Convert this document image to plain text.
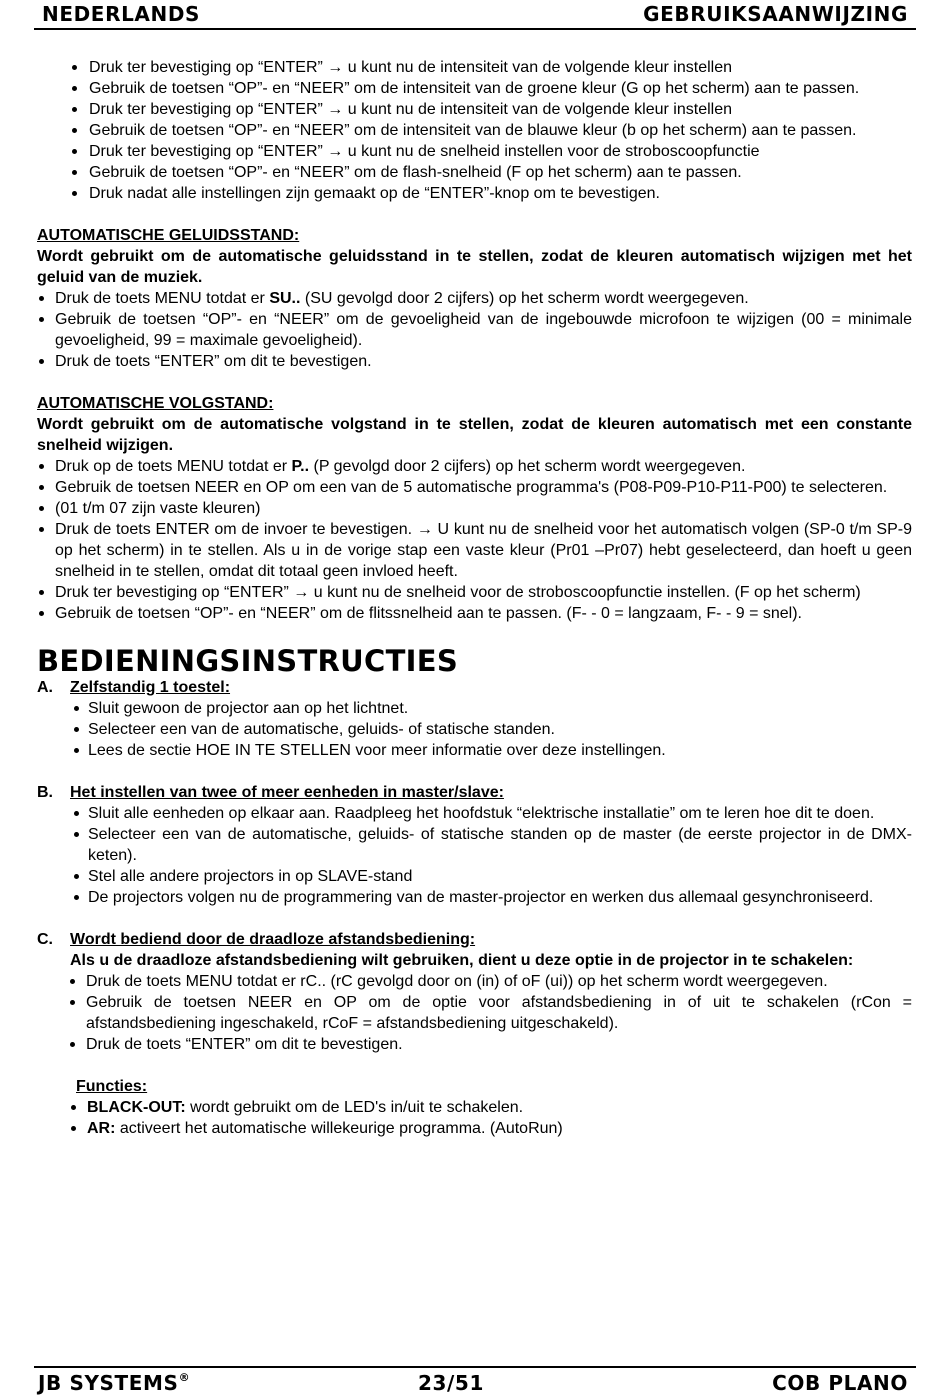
NEDERLANDS	GEBRUIKSAANWIJZING
Druk ter bevestiging op “ENTER” → u kunt nu de intensiteit van de volgende kleur instellen
Gebruik de toetsen “OP”- en “NEER” om de intensiteit van de groene kleur (G op het scherm) aan te passen.
Druk ter bevestiging op “ENTER” → u kunt nu de intensiteit van de volgende kleur instellen
Gebruik de toetsen “OP”- en “NEER” om de intensiteit van de blauwe kleur (b op het scherm) aan te passen.
Druk ter bevestiging op “ENTER” → u kunt nu de snelheid instellen voor de stroboscoopfunctie
Gebruik de toetsen “OP”- en “NEER” om de flash-snelheid (F op het scherm) aan te passen.
Druk nadat alle instellingen zijn gemaakt op de “ENTER”-knop om te bevestigen.
AUTOMATISCHE GELUIDSSTAND:
Wordt gebruikt om de automatische geluidsstand in te stellen, zodat de kleuren automatisch wijzigen met het geluid van de muziek.
Druk de toets MENU totdat er SU.. (SU gevolgd door 2 cijfers) op het scherm wordt weergegeven.
Gebruik de toetsen “OP”- en “NEER” om de gevoeligheid van de ingebouwde microfoon te wijzigen (00 = minimale gevoeligheid, 99 = maximale gevoeligheid).
Druk de toets “ENTER” om dit te bevestigen.
AUTOMATISCHE VOLGSTAND:
Wordt gebruikt om de automatische volgstand in te stellen, zodat de kleuren automatisch met een constante snelheid wijzigen.
Druk op de toets MENU totdat er P.. (P gevolgd door 2 cijfers) op het scherm wordt weergegeven.
Gebruik de toetsen NEER en OP om een van de 5 automatische programma's (P08-P09-P10-P11-P00) te selecteren.
(01 t/m 07 zijn vaste kleuren)
Druk de toets ENTER om de invoer te bevestigen. → U kunt nu de snelheid voor het automatisch volgen (SP-0 t/m SP-9 op het scherm) in te stellen. Als u in de vorige stap een vaste kleur (Pr01 –Pr07) hebt geselecteerd, dan hoeft u geen snelheid in te stellen, omdat dit totaal geen invloed heeft.
Druk ter bevestiging op “ENTER” → u kunt nu de snelheid voor de stroboscoopfunctie instellen. (F op het scherm)
Gebruik de toetsen “OP”- en “NEER” om de flitssnelheid aan te passen. (F- - 0 = langzaam, F- - 9 = snel).
BEDIENINGSINSTRUCTIES
A. Zelfstandig 1 toestel:
Sluit gewoon de projector aan op het lichtnet.
Selecteer een van de automatische, geluids- of statische standen.
Lees de sectie HOE IN TE STELLEN voor meer informatie over deze instellingen.
B. Het instellen van twee of meer eenheden in master/slave:
Sluit alle eenheden op elkaar aan. Raadpleeg het hoofdstuk “elektrische installatie” om te leren hoe dit te doen.
Selecteer een van de automatische, geluids- of statische standen op de master (de eerste projector in de DMX-keten).
Stel alle andere projectors in op SLAVE-stand
De projectors volgen nu de programmering van de master-projector en werken dus allemaal gesynchroniseerd.
C. Wordt bediend door de draadloze afstandsbediening:
Als u de draadloze afstandsbediening wilt gebruiken, dient u deze optie in de projector in te schakelen:
Druk de toets MENU totdat er rC.. (rC gevolgd door on (in) of oF (ui)) op het scherm wordt weergegeven.
Gebruik de toetsen NEER en OP om de optie voor afstandsbediening in of uit te schakelen (rCon = afstandsbediening ingeschakeld, rCoF = afstandsbediening uitgeschakeld).
Druk de toets “ENTER” om dit te bevestigen.
Functies:
BLACK-OUT: wordt gebruikt om de LED's in/uit te schakelen.
AR: activeert het automatische willekeurige programma. (AutoRun)
JB SYSTEMS®	23/51	COB PLANO
